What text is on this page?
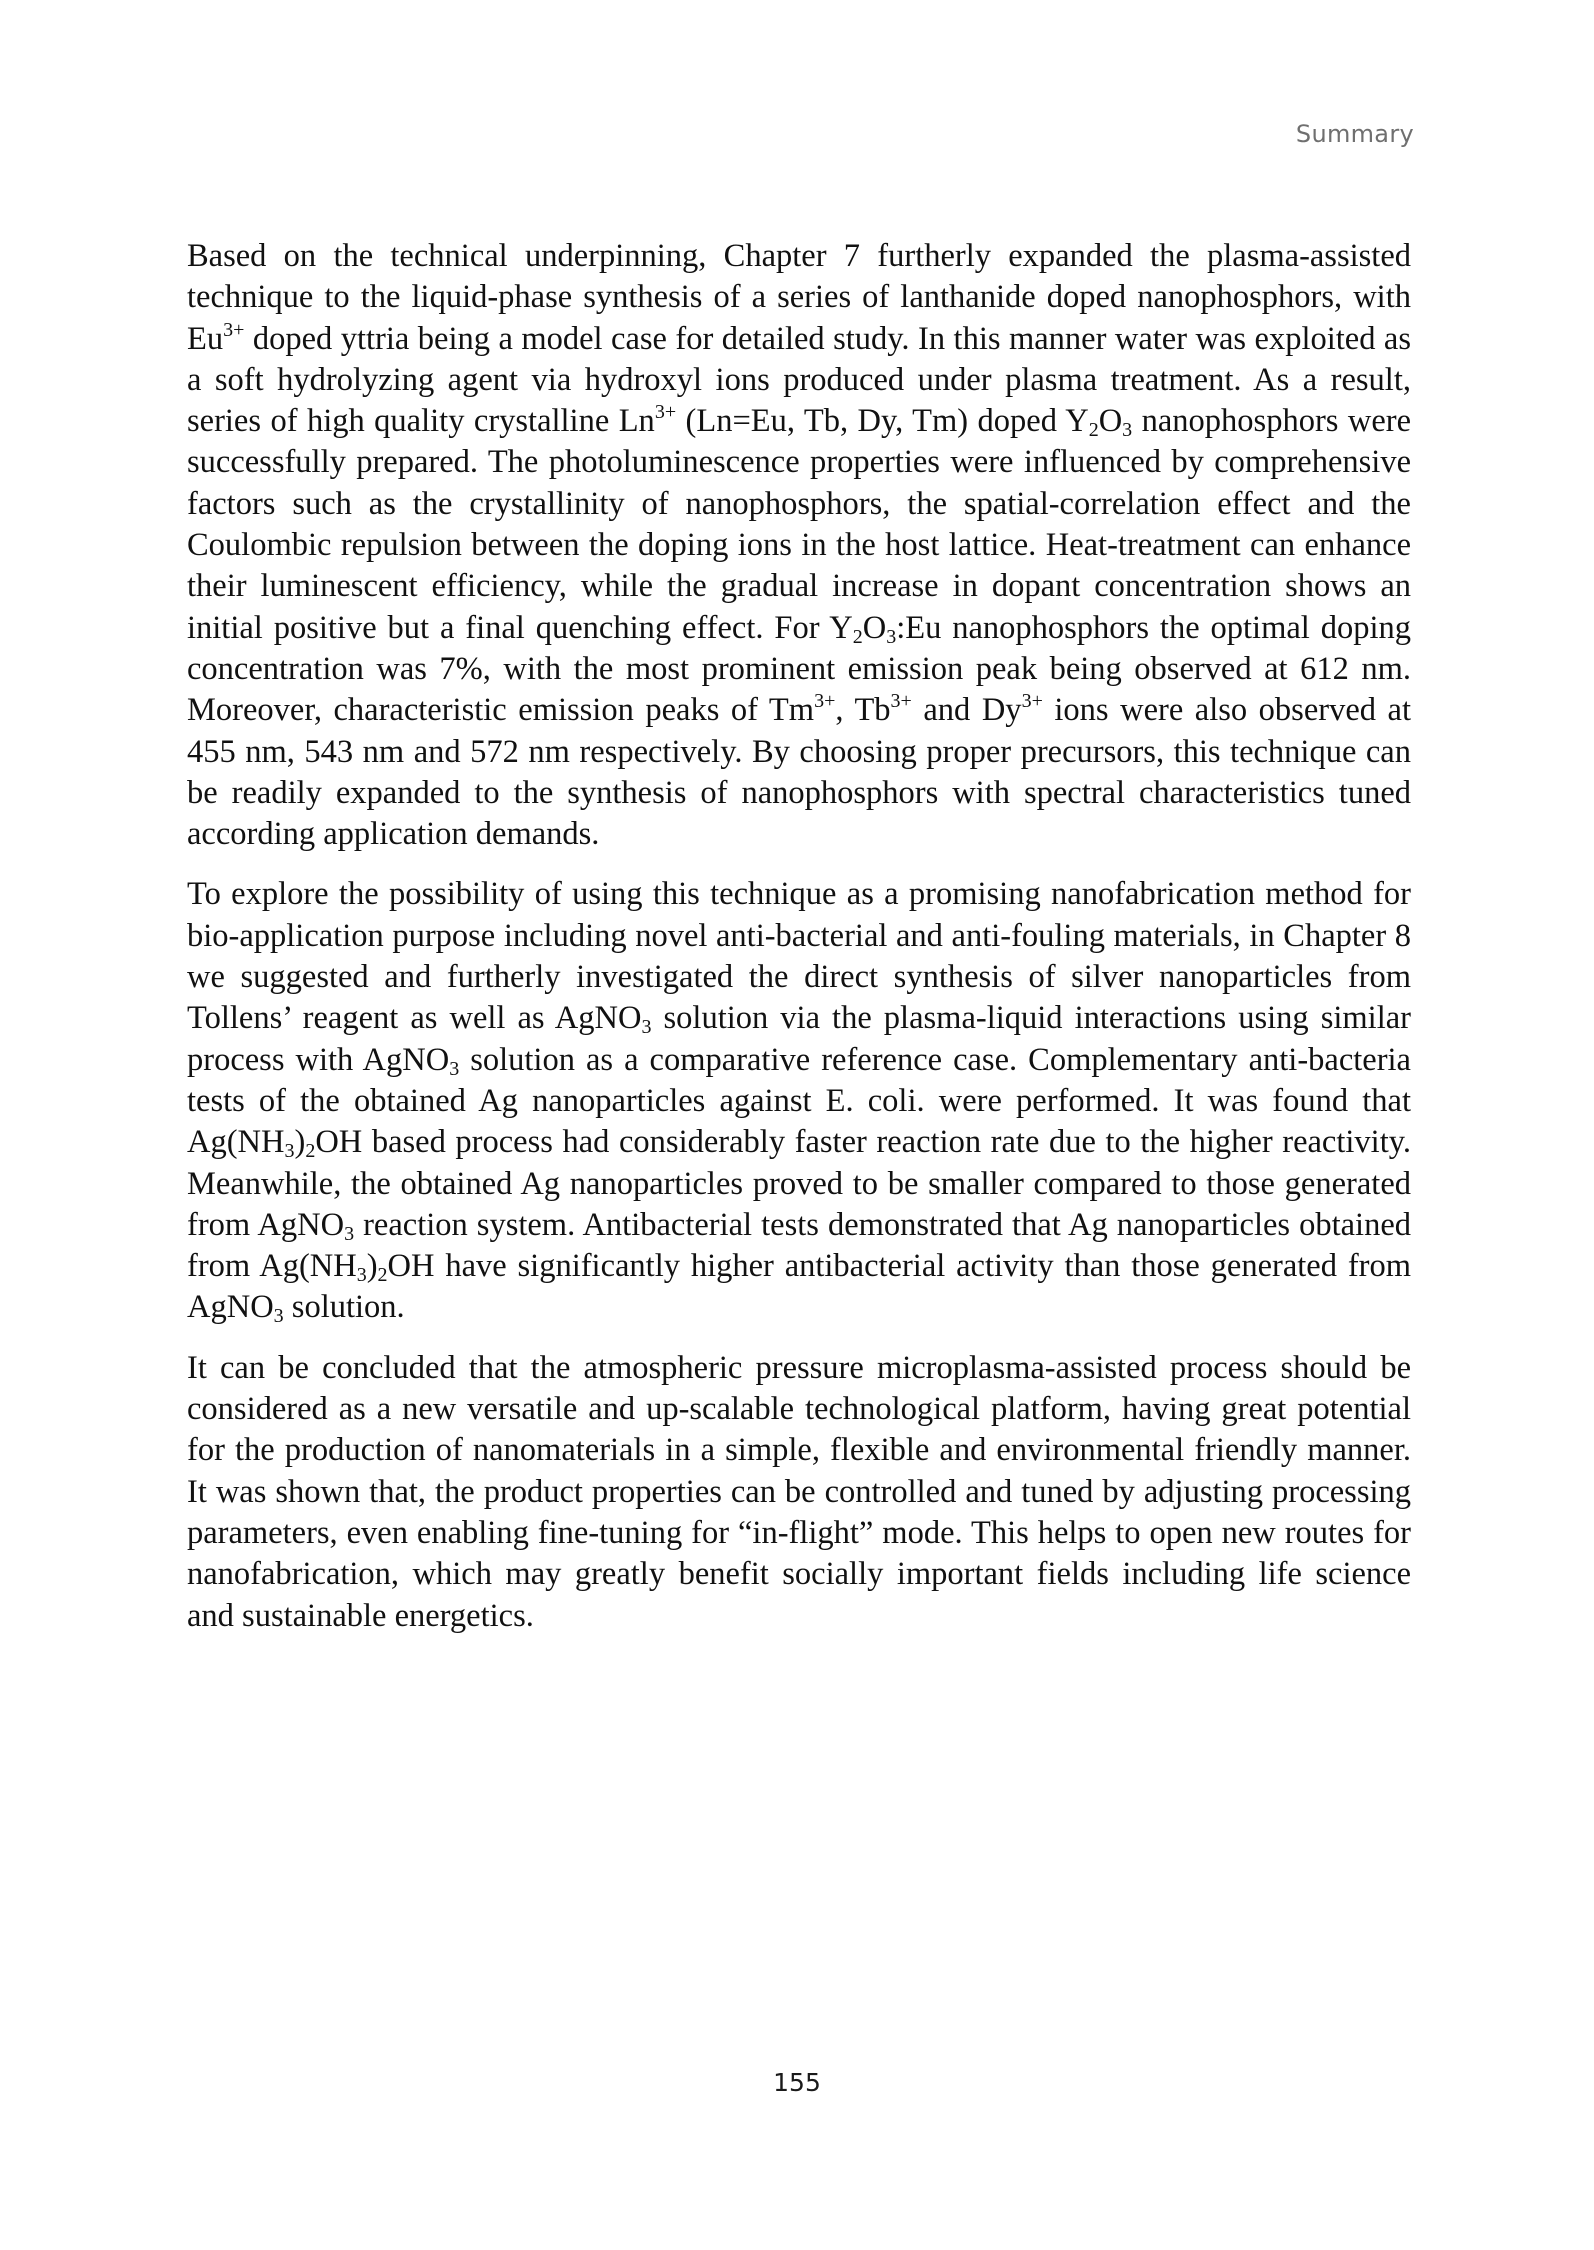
Summary

Based on the technical underpinning, Chapter 7 furtherly expanded the plasma-assisted technique to the liquid-phase synthesis of a series of lanthanide doped nanophosphors, with $Eu^{3+}$ doped yttria being a model case for detailed study. In this manner water was exploited as a soft hydrolyzing agent via hydroxyl ions produced under plasma treatment. As a result, series of high quality crystalline $Ln^{3+}$ (Ln=Eu, Tb, Dy, Tm) doped $Y_2O_3$ nanophosphors were successfully prepared. The photoluminescence properties were influenced by comprehensive factors such as the crystallinity of nanophosphors, the spatial-correlation effect and the Coulombic repulsion between the doping ions in the host lattice. Heat-treatment can enhance their luminescent efficiency, while the gradual increase in dopant concentration shows an initial positive but a final quenching effect. For $Y_2O_3:Eu$ nanophosphors the optimal doping concentration was 7%, with the most prominent emission peak being observed at 612 nm. Moreover, characteristic emission peaks of $Tm^{3+}$, $Tb^{3+}$ and $Dy^{3+}$ ions were also observed at 455 nm, 543 nm and 572 nm respectively. By choosing proper precursors, this technique can be readily expanded to the synthesis of nanophosphors with spectral characteristics tuned according application demands.

To explore the possibility of using this technique as a promising nanofabrication method for bio-application purpose including novel anti-bacterial and anti-fouling materials, in Chapter 8 we suggested and furtherly investigated the direct synthesis of silver nanoparticles from Tollens’ reagent as well as AgNO$_3$ solution via the plasma-liquid interactions using similar process with AgNO$_3$ solution as a comparative reference case. Complementary anti-bacteria tests of the obtained Ag nanoparticles against E. coli. were performed. It was found that $Ag(NH_3)_2OH$ based process had considerably faster reaction rate due to the higher reactivity. Meanwhile, the obtained Ag nanoparticles proved to be smaller compared to those generated from AgNO$_3$ reaction system. Antibacterial tests demonstrated that Ag nanoparticles obtained from $Ag(NH_3)_2OH$ have significantly higher antibacterial activity than those generated from AgNO$_3$ solution.

It can be concluded that the atmospheric pressure microplasma-assisted process should be considered as a new versatile and up-scalable technological platform, having great potential for the production of nanomaterials in a simple, flexible and environmental friendly manner. It was shown that, the product properties can be controlled and tuned by adjusting processing parameters, even enabling fine-tuning for “in-flight” mode. This helps to open new routes for nanofabrication, which may greatly benefit socially important fields including life science and sustainable energetics.

155
